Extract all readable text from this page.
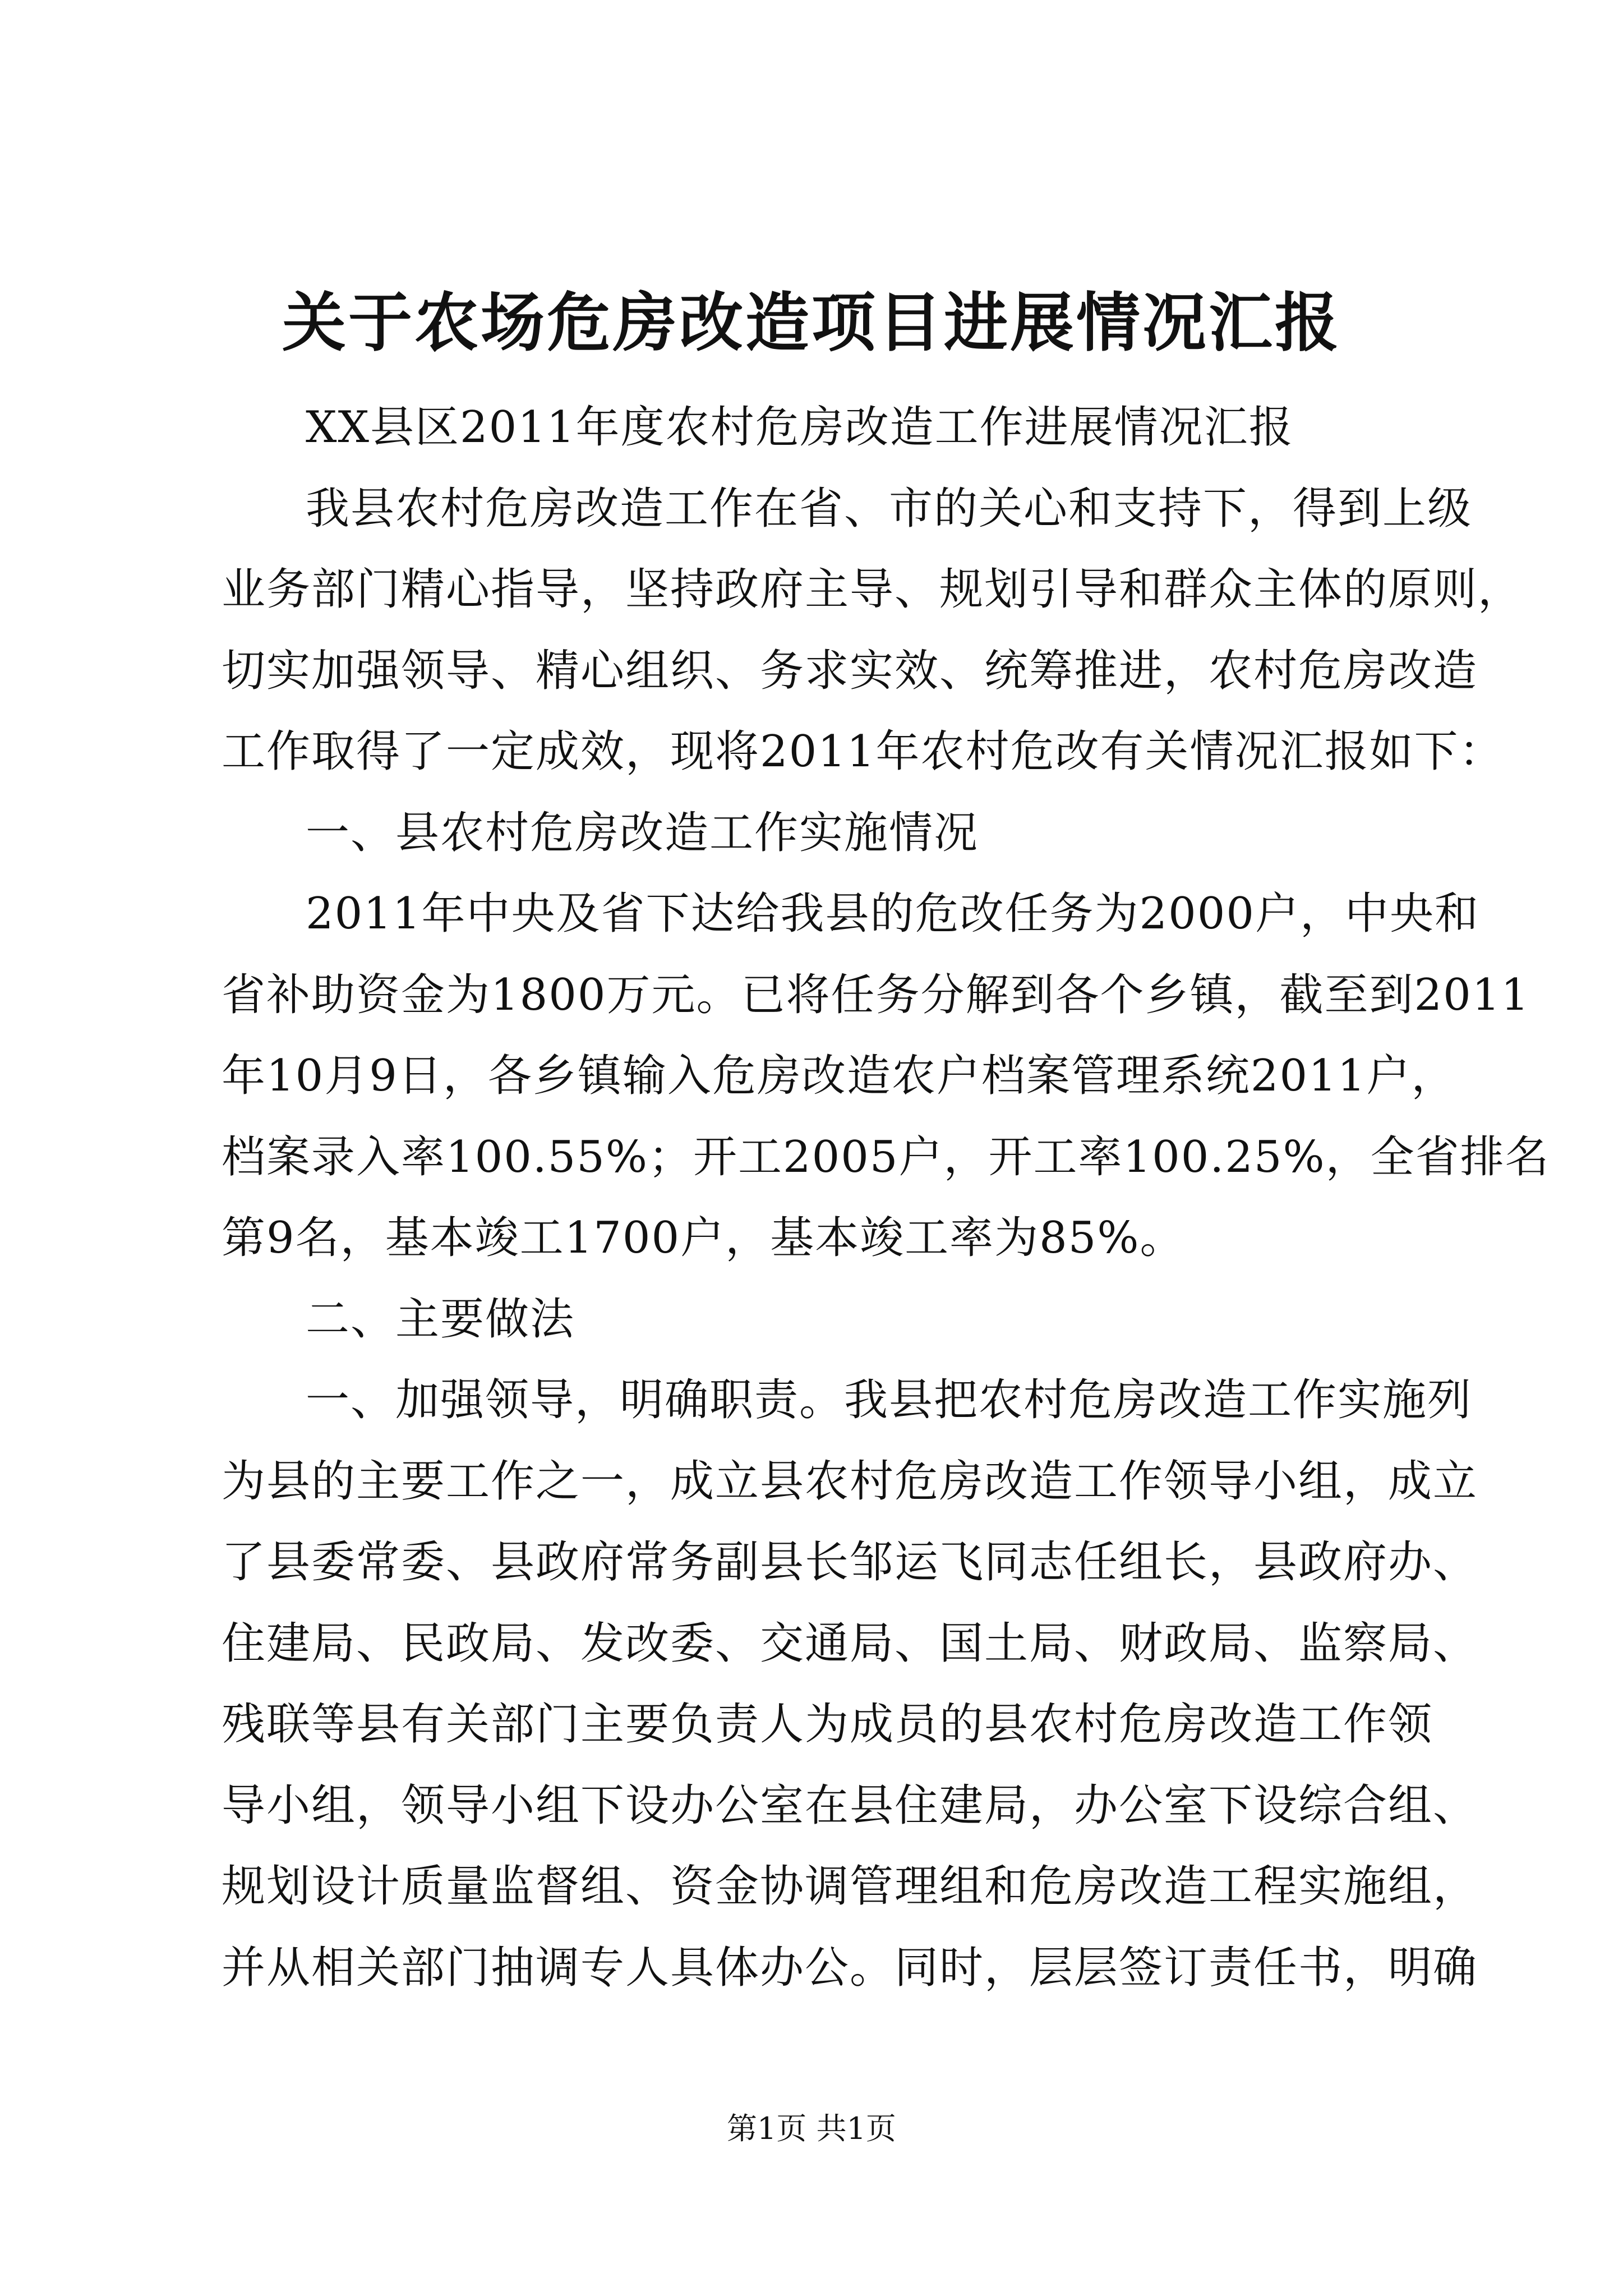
关于农场危房改造项目进展情况汇报
XX县区2011年度农村危房改造工作进展情况汇报
我县农村危房改造工作在省、市的关心和支持下，得到上级
业务部门精心指导，坚持政府主导、规划引导和群众主体的原则，
切实加强领导、精心组织、务求实效、统筹推进，农村危房改造
工作取得了一定成效，现将2011年农村危改有关情况汇报如下：
一、县农村危房改造工作实施情况
2011年中央及省下达给我县的危改任务为2000户，中央和
省补助资金为1800万元。已将任务分解到各个乡镇，截至到2011
年10月9日，各乡镇输入危房改造农户档案管理系统2011户，
档案录入率100.55%；开工2005户，开工率100.25%，全省排名
第9名，基本竣工1700户，基本竣工率为85%。
二、主要做法
一、加强领导，明确职责。我县把农村危房改造工作实施列
为县的主要工作之一，成立县农村危房改造工作领导小组，成立
了县委常委、县政府常务副县长邹运飞同志任组长，县政府办、
住建局、民政局、发改委、交通局、国土局、财政局、监察局、
残联等县有关部门主要负责人为成员的县农村危房改造工作领
导小组，领导小组下设办公室在县住建局，办公室下设综合组、
规划设计质量监督组、资金协调管理组和危房改造工程实施组，
并从相关部门抽调专人具体办公。同时，层层签订责任书，明确
第1页 共1页
